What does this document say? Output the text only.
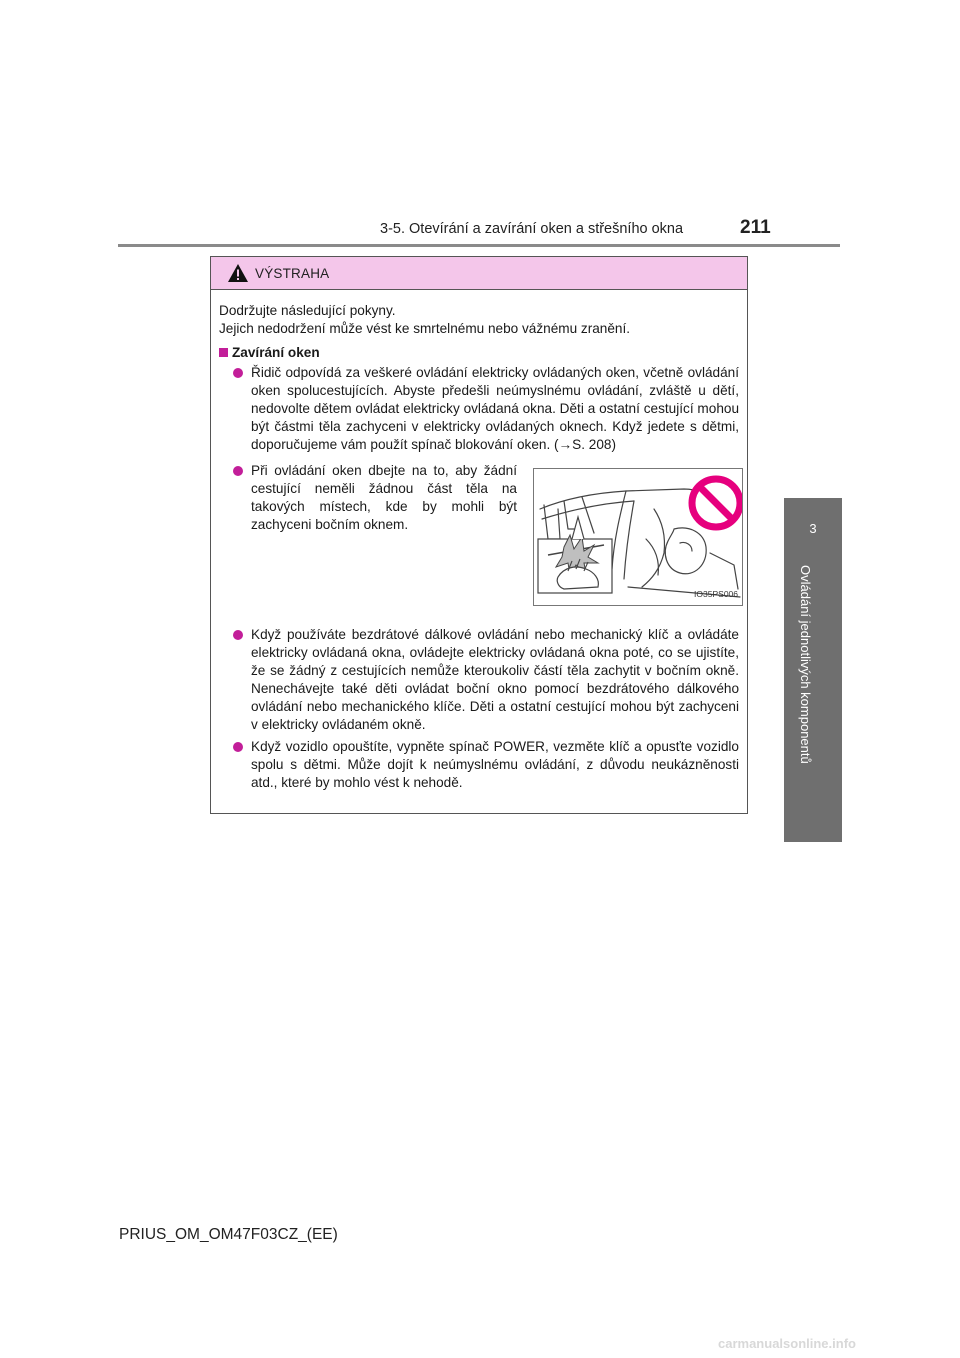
3-5. Otevírání a zavírání oken a střešního okna	211
3
Ovládání jednotlivých komponentů
VÝSTRAHA

Dodržujte následující pokyny.

Jejich nedodržení může vést ke smrtelnému nebo vážnému zranění.

Zavírání oken
Řidič odpovídá za veškeré ovládání elektricky ovládaných oken, včetně ovládání oken spolucestujících. Abyste předešli neúmyslnému ovládání, zvláště u dětí, nedovolte dětem ovládat elektricky ovládaná okna. Děti a ostatní cestující mohou být částmi těla zachyceni v elektricky ovládaných oknech. Když jedete s dětmi, doporučujeme vám použít spínač blokování oken. (→S. 208)
Při ovládání oken dbejte na to, aby žádní cestující neměli žádnou část těla na takových místech, kde by mohli být zachyceni bočním oknem.
IO35PS006
Když používáte bezdrátové dálkové ovládání nebo mechanický klíč a ovládáte elektricky ovládaná okna, ovládejte elektricky ovládaná okna poté, co se ujistíte, že se žádný z cestujících nemůže kteroukoliv částí těla zachytit v bočním okně. Nenechávejte také děti ovládat boční okno pomocí bezdrátového dálkového ovládání nebo mechanického klíče. Děti a ostatní cestující mohou být zachyceni v elektricky ovládaném okně.
Když vozidlo opouštíte, vypněte spínač POWER, vezměte klíč a opusťte vozidlo spolu s dětmi. Může dojít k neúmyslnému ovládání, z důvodu neukázněnosti atd., které by mohlo vést k nehodě.
PRIUS_OM_OM47F03CZ_(EE)
carmanualsonline.info
